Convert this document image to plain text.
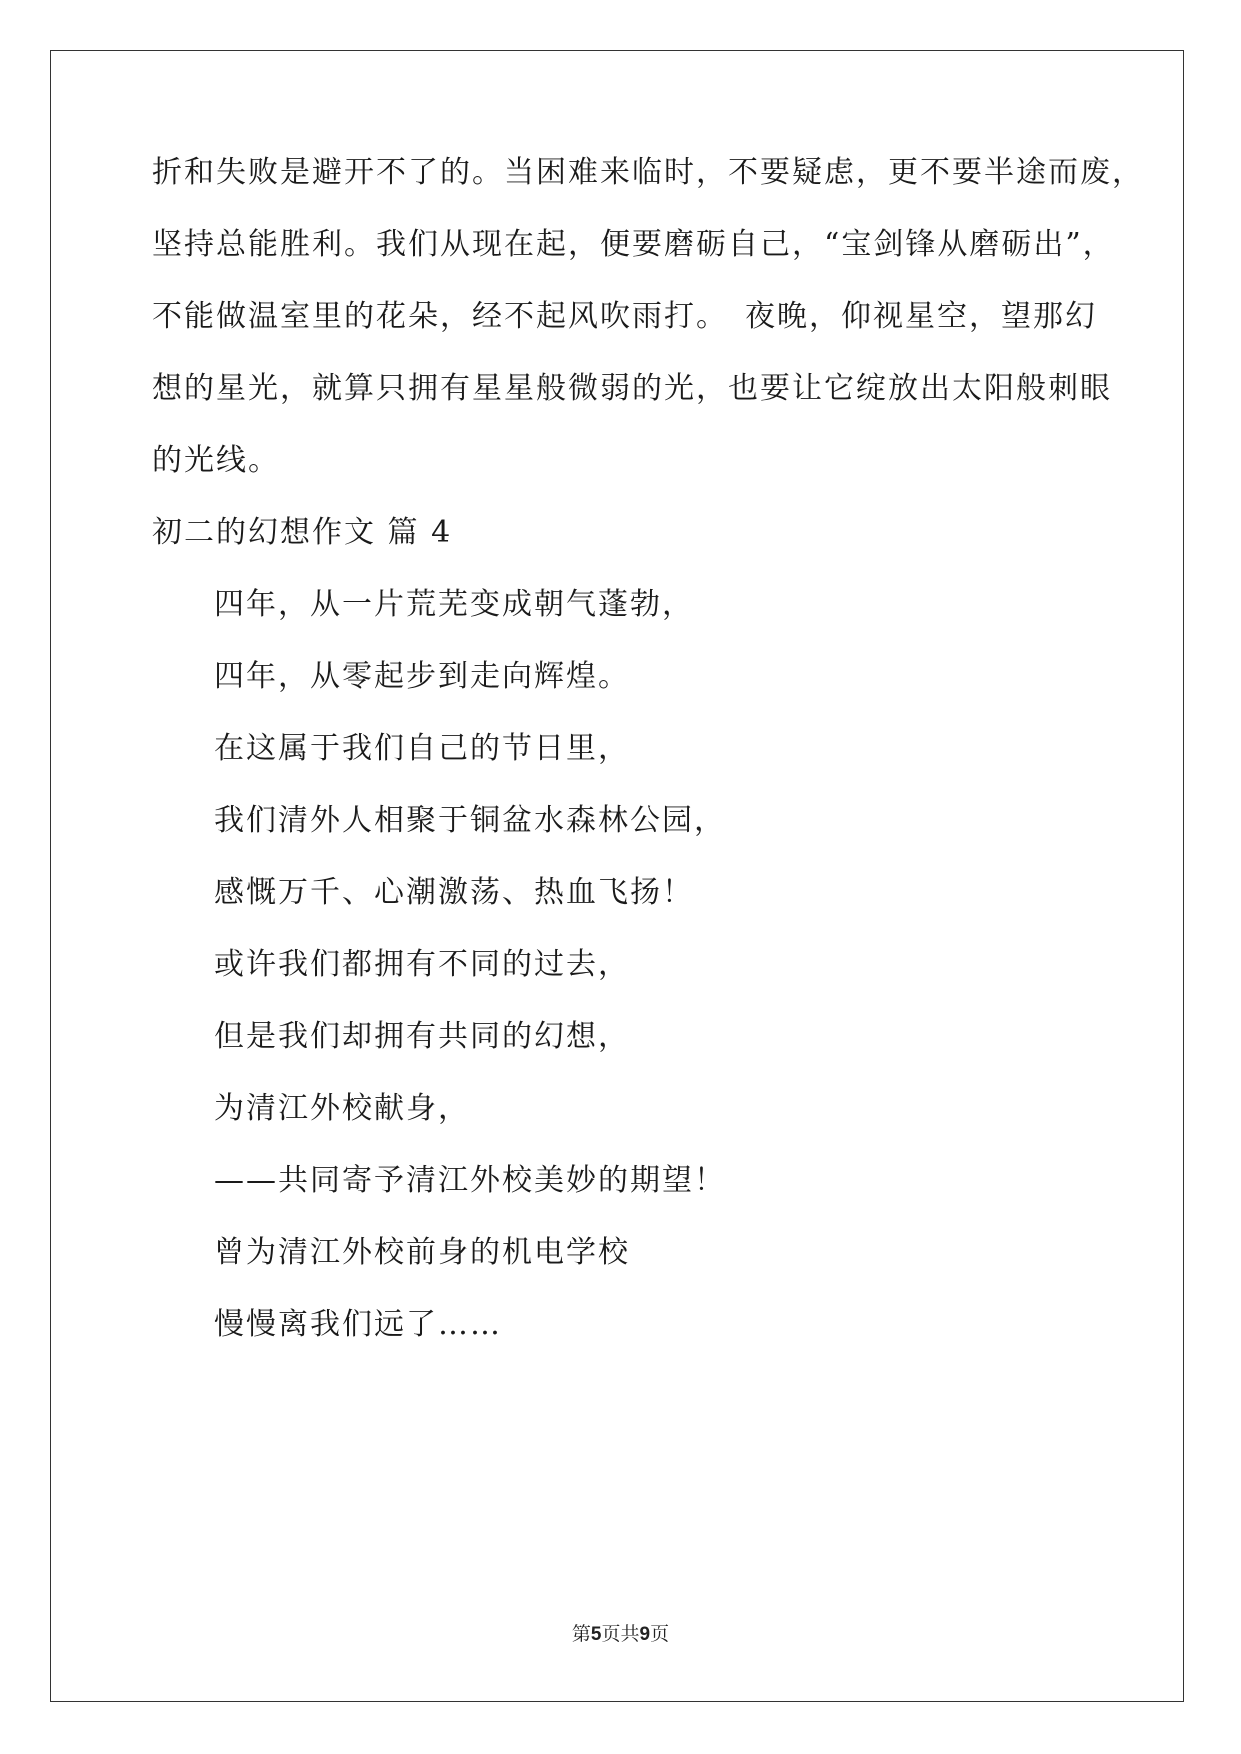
折和失败是避开不了的。当困难来临时，不要疑虑，更不要半途而废，
坚持总能胜利。我们从现在起，便要磨砺自己，“宝剑锋从磨砺出”，
不能做温室里的花朵，经不起风吹雨打。　夜晚，仰视星空，望那幻
想的星光，就算只拥有星星般微弱的光，也要让它绽放出太阳般刺眼
的光线。
初二的幻想作文 篇 4
四年，从一片荒芜变成朝气蓬勃，
四年，从零起步到走向辉煌。
在这属于我们自己的节日里，
我们清外人相聚于铜盆水森林公园，
感慨万千、心潮激荡、热血飞扬！
或许我们都拥有不同的过去，
但是我们却拥有共同的幻想，
为清江外校献身，
——共同寄予清江外校美妙的期望！
曾为清江外校前身的机电学校
慢慢离我们远了……
第5页共9页
